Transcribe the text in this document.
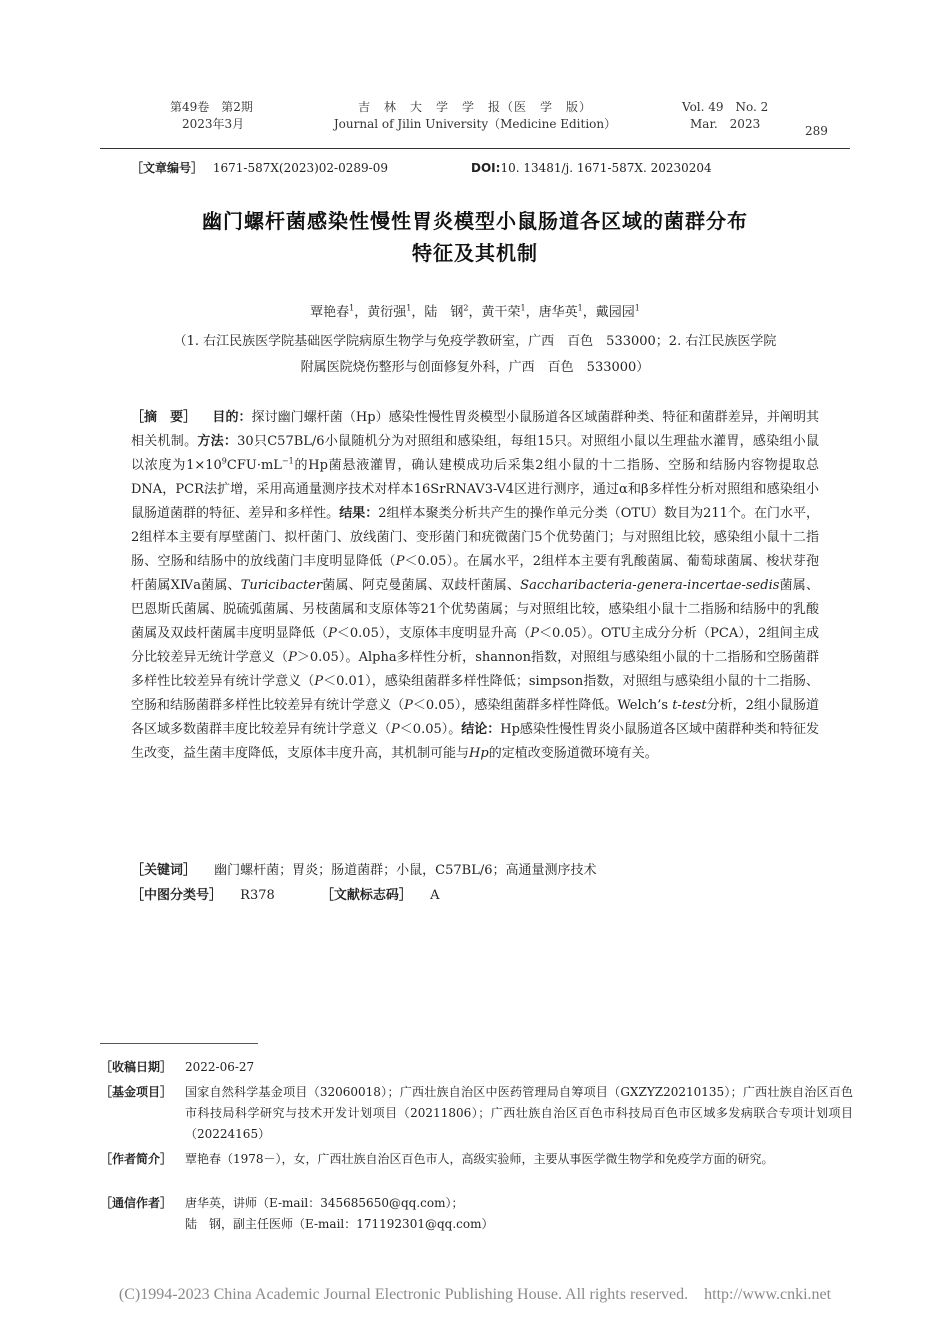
第49卷　第2期
2023年3月
吉　林　大　学　学　报（医　学　版）
Journal of Jilin University（Medicine Edition）
Vol. 49　No. 2
Mar.　2023	289
［文章编号］ 1671-587X(2023)02-0289-09	DOI:10. 13481/j. 1671-587X. 20230204
幽门螺杆菌感染性慢性胃炎模型小鼠肠道各区域的菌群分布
特征及其机制
覃艳春$^1$，黄衍强$^1$，陆　钢$^2$，黄干荣$^1$，唐华英$^1$，戴园园$^1$
（1. 右江民族医学院基础医学院病原生物学与免疫学教研室，广西　百色　533000；2. 右江民族医学院
附属医院烧伤整形与创面修复外科，广西　百色　533000）
［摘　要］ 目的：探讨幽门螺杆菌（Hp）感染性慢性胃炎模型小鼠肠道各区域菌群种类、特征和菌群差异，并阐明其相关机制。方法：30只C57BL/6小鼠随机分为对照组和感染组，每组15只。对照组小鼠以生理盐水灌胃，感染组小鼠以浓度为$1\times 10^9CFU\cdot mL^{-1}$的Hp菌悬液灌胃，确认建模成功后采集2组小鼠的十二指肠、空肠和结肠内容物提取总DNA，PCR法扩增，采用高通量测序技术对样本16SrRNAV3-V4区进行测序，通过α和β多样性分析对照组和感染组小鼠肠道菌群的特征、差异和多样性。结果：2组样本聚类分析共产生的操作单元分类（OTU）数目为211个。在门水平，2组样本主要有厚壁菌门、拟杆菌门、放线菌门、变形菌门和疣微菌门5个优势菌门；与对照组比较，感染组小鼠十二指肠、空肠和结肠中的放线菌门丰度明显降低（P＜0.05）。在属水平，2组样本主要有乳酸菌属、葡萄球菌属、梭状芽孢杆菌属ⅩⅣa菌属、Turicibacter菌属、阿克曼菌属、双歧杆菌属、Saccharibacteria-genera-incertae-sedis菌属、巴恩斯氏菌属、脱硫弧菌属、另枝菌属和支原体等21个优势菌属；与对照组比较，感染组小鼠十二指肠和结肠中的乳酸菌属及双歧杆菌属丰度明显降低（P＜0.05），支原体丰度明显升高（P＜0.05）。OTU主成分分析（PCA），2组间主成分比较差异无统计学意义（P＞0.05）。Alpha多样性分析，shannon指数，对照组与感染组小鼠的十二指肠和空肠菌群多样性比较差异有统计学意义（P＜0.01），感染组菌群多样性降低；simpson指数，对照组与感染组小鼠的十二指肠、空肠和结肠菌群多样性比较差异有统计学意义（P＜0.05），感染组菌群多样性降低。Welch’s t-test分析，2组小鼠肠道各区域多数菌群丰度比较差异有统计学意义（P＜0.05）。结论：Hp感染性慢性胃炎小鼠肠道各区域中菌群种类和特征发生改变，益生菌丰度降低，支原体丰度升高，其机制可能与Hp的定植改变肠道微环境有关。
［关键词］ 幽门螺杆菌；胃炎；肠道菌群；小鼠，C57BL/6；高通量测序技术
［中图分类号］ R378	［文献标志码］ A
［收稿日期］ 2022-06-27
［基金项目］ 国家自然科学基金项目（32060018）；广西壮族自治区中医药管理局自筹项目（GXZYZ20210135）；广西壮族自治区百色市科技局科学研究与技术开发计划项目（20211806）；广西壮族自治区百色市科技局百色市区域多发病联合专项计划项目（20224165）
［作者简介］ 覃艳春（1978－），女，广西壮族自治区百色市人，高级实验师，主要从事医学微生物学和免疫学方面的研究。
［通信作者］ 唐华英，讲师（E-mail：345685650@qq.com）；
陆　钢，副主任医师（E-mail：171192301@qq.com）
(C)1994-2023 China Academic Journal Electronic Publishing House. All rights reserved.    http://www.cnki.net
